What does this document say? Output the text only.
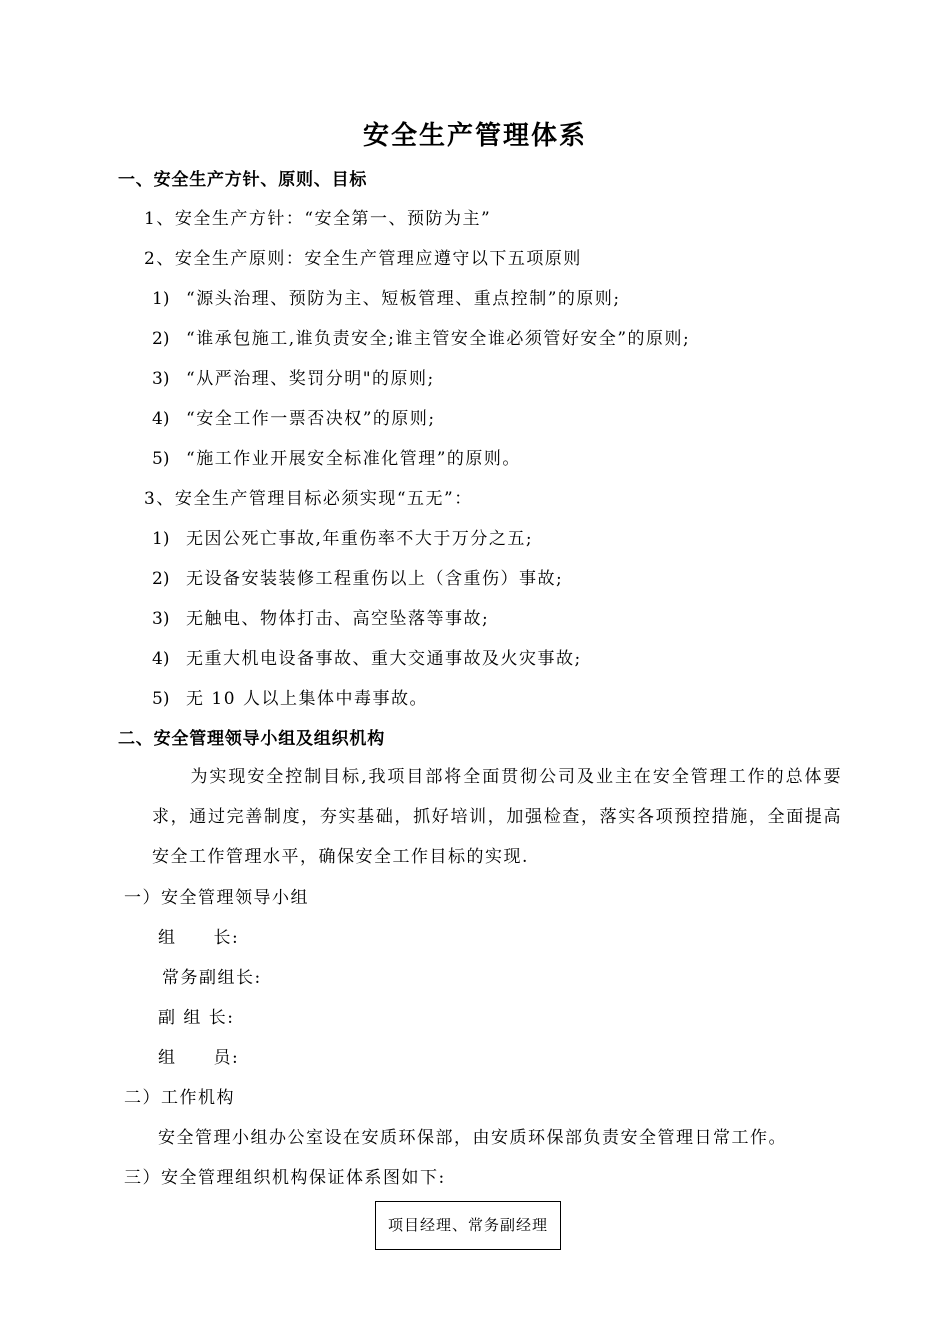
安全生产管理体系
一、安全生产方针、原则、目标
1、安全生产方针：“安全第一、预防为主”
2、安全生产原则：安全生产管理应遵守以下五项原则
1) “源头治理、预防为主、短板管理、重点控制”的原则;
2) “谁承包施工,谁负责安全;谁主管安全谁必须管好安全”的原则;
3) “从严治理、奖罚分明"的原则;
4) “安全工作一票否决权”的原则;
5) “施工作业开展安全标准化管理”的原则。
3、安全生产管理目标必须实现“五无”：
1) 无因公死亡事故,年重伤率不大于万分之五;
2) 无设备安装装修工程重伤以上（含重伤）事故;
3) 无触电、物体打击、高空坠落等事故;
4) 无重大机电设备事故、重大交通事故及火灾事故;
5) 无 10 人以上集体中毒事故。
二、安全管理领导小组及组织机构
为实现安全控制目标,我项目部将全面贯彻公司及业主在安全管理工作的总体要求，通过完善制度，夯实基础，抓好培训，加强检查，落实各项预控措施，全面提高安全工作管理水平，确保安全工作目标的实现.
一）安全管理领导小组
组　　长:
常务副组长:
副 组 长:
组　　员:
二）工作机构
安全管理小组办公室设在安质环保部，由安质环保部负责安全管理日常工作。
三）安全管理组织机构保证体系图如下:
项目经理、常务副经理
